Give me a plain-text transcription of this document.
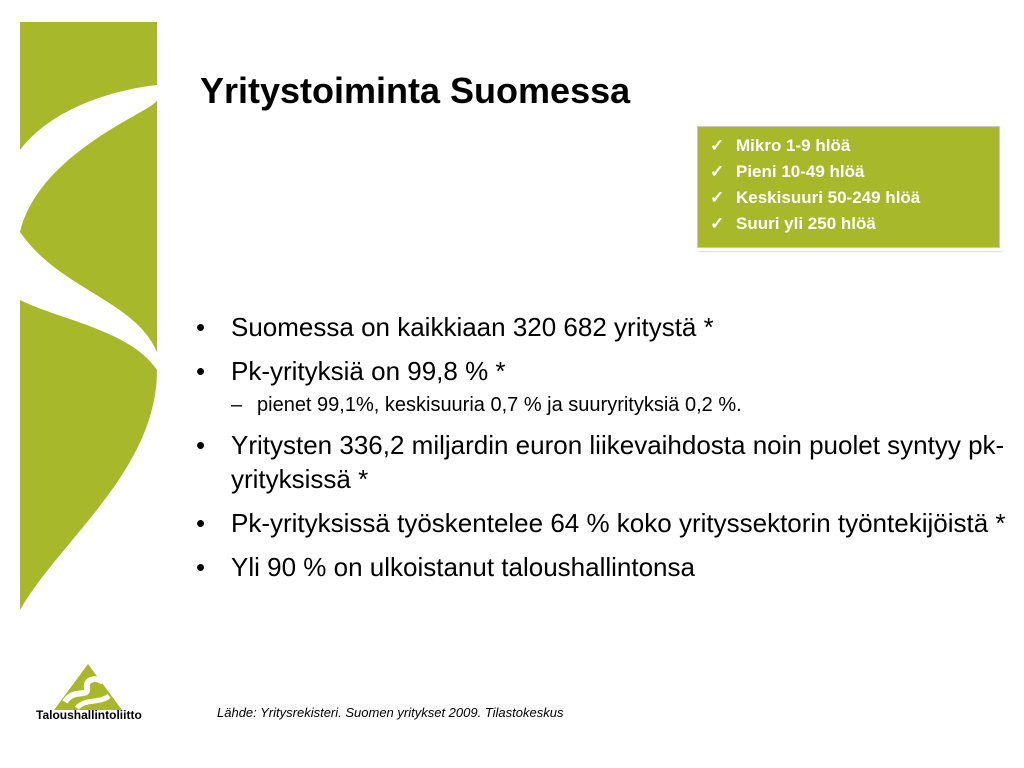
Yritystoiminta Suomessa
✓ Mikro 1-9 hlöä
✓ Pieni 10-49 hlöä
✓ Keskisuuri 50-249 hlöä
✓ Suuri yli 250 hlöä
• Suomessa on kaikkiaan 320 682 yritystä *
• Pk-yrityksiä on 99,8 % *
– pienet 99,1%, keskisuuria 0,7 % ja suuryrityksiä 0,2 %.
• Yritysten 336,2 miljardin euron liikevaihdosta noin puolet syntyy pk-yrityksissä *
• Pk-yrityksissä työskentelee 64 % koko yrityssektorin työntekijöistä *
• Yli 90 % on ulkoistanut taloushallintonsa
Taloushallintoliitto	Lähde: Yritysrekisteri. Suomen yritykset 2009. Tilastokeskus
